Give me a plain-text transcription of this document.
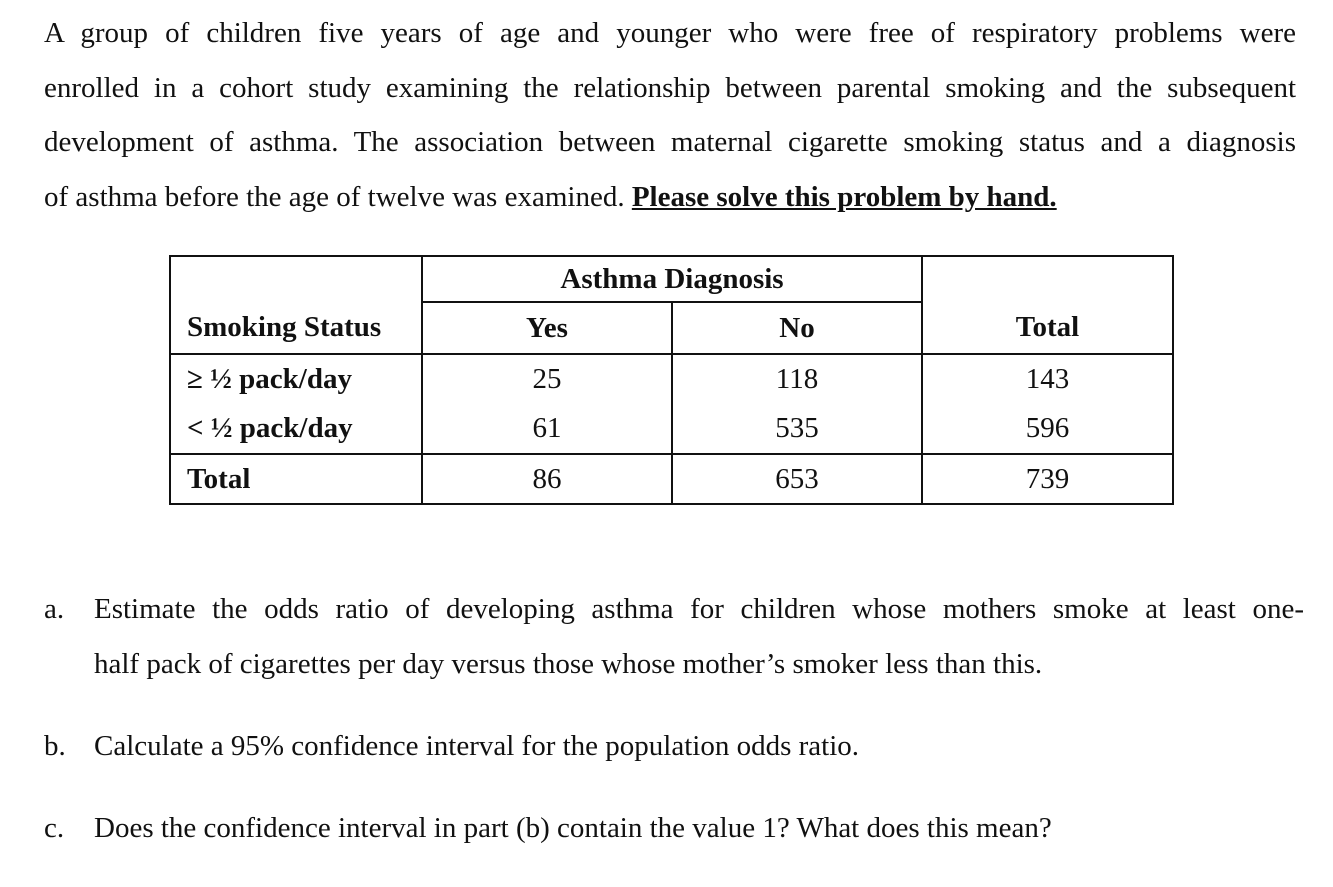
A group of children five years of age and younger who were free of respiratory problems were
enrolled in a cohort study examining the relationship between parental smoking and the subsequent
development of asthma. The association between maternal cigarette smoking status and a diagnosis
of asthma before the age of twelve was examined. Please solve this problem by hand.
	Asthma Diagnosis		
Smoking Status	Yes	No	Total
≥ ½ pack/day	25	118	143
< ½ pack/day	61	535	596
Total	86	653	739
a. Estimate the odds ratio of developing asthma for children whose mothers smoke at least one-
half pack of cigarettes per day versus those whose mother’s smoker less than this.
b. Calculate a 95% confidence interval for the population odds ratio.
c. Does the confidence interval in part (b) contain the value 1? What does this mean?
